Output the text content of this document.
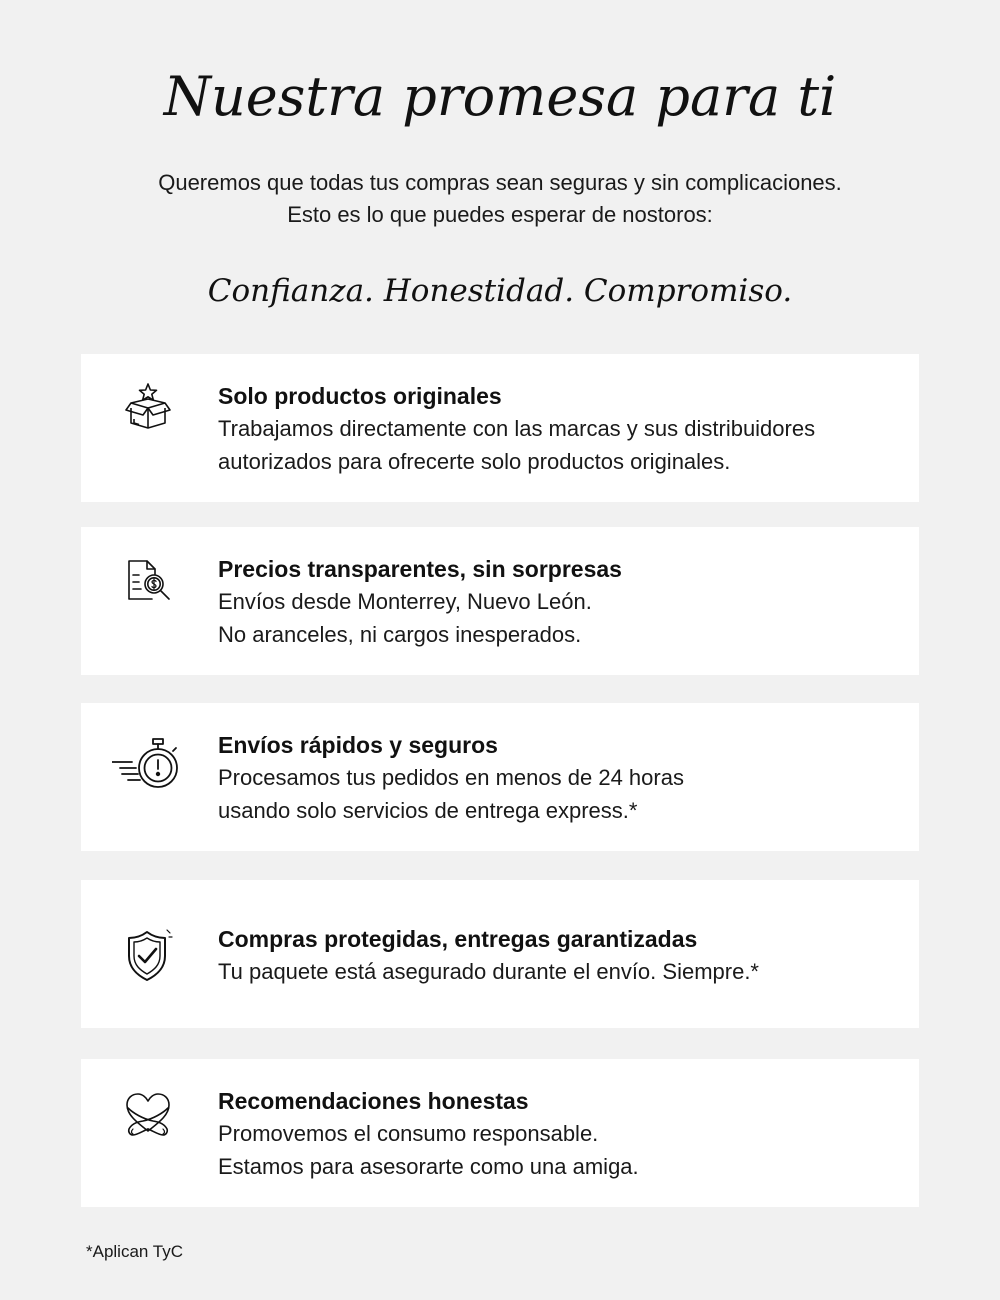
Nuestra promesa para ti
Queremos que todas tus compras sean seguras y sin complicaciones.
Esto es lo que puedes esperar de nostoros:
Confianza. Honestidad. Compromiso.
Solo productos originales
Trabajamos directamente con las marcas y sus distribuidores
autorizados para ofrecerte solo productos originales.
Precios transparentes, sin sorpresas
Envíos desde Monterrey, Nuevo León.
No aranceles, ni cargos inesperados.
Envíos rápidos y seguros
Procesamos tus pedidos en menos de 24 horas
usando solo servicios de entrega express.*
Compras protegidas, entregas garantizadas
Tu paquete está asegurado durante el envío. Siempre.*
Recomendaciones honestas
Promovemos el consumo responsable.
Estamos para asesorarte como una amiga.
*Aplican TyC
